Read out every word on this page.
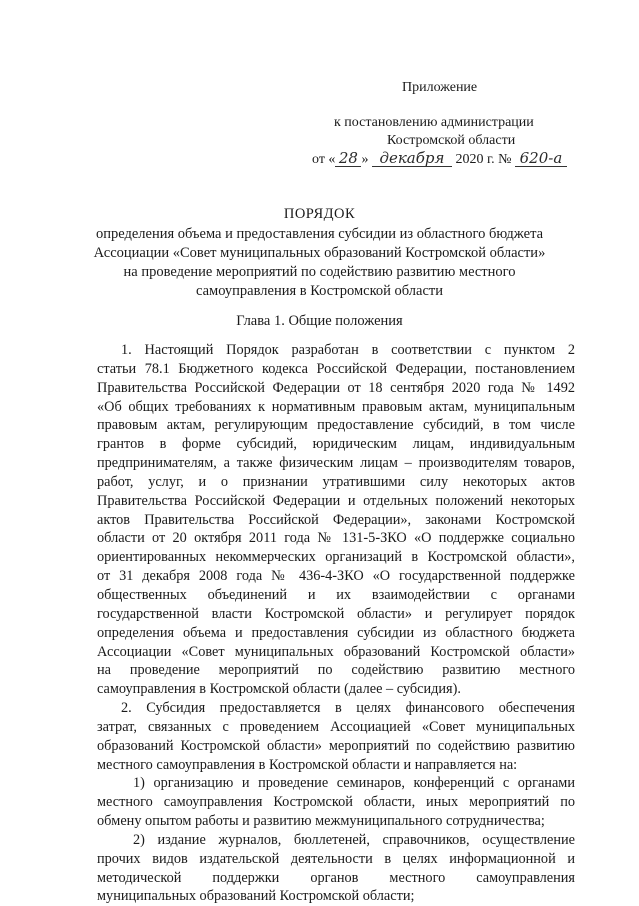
Приложение
к постановлению администрации
Костромской области
от « 28 » декабря 2020 г. № 620-а
ПОРЯДОК
определения объема и предоставления субсидии из областного бюджета
Ассоциации «Совет муниципальных образований Костромской области»
на проведение мероприятий по содействию развитию местного
самоуправления в Костромской области
Глава 1. Общие положения

1. Настоящий Порядок разработан в соответствии с пунктом 2
статьи 78.1 Бюджетного кодекса Российской Федерации, постановлением
Правительства Российской Федерации от 18 сентября 2020 года № 1492
«Об общих требованиях к нормативным правовым актам, муниципальным
правовым актам, регулирующим предоставление субсидий, в том числе
грантов в форме субсидий, юридическим лицам, индивидуальным
предпринимателям, а также физическим лицам – производителям товаров,
работ, услуг, и о признании утратившими силу некоторых актов
Правительства Российской Федерации и отдельных положений некоторых
актов Правительства Российской Федерации», законами Костромской
области от 20 октября 2011 года № 131-5-ЗКО «О поддержке социально
ориентированных некоммерческих организаций в Костромской области»,
от 31 декабря 2008 года № 436-4-ЗКО «О государственной поддержке
общественных объединений и их взаимодействии с органами
государственной власти Костромской области» и регулирует порядок
определения объема и предоставления субсидии из областного бюджета
Ассоциации «Совет муниципальных образований Костромской области»
на проведение мероприятий по содействию развитию местного
самоуправления в Костромской области (далее – субсидия).

2. Субсидия предоставляется в целях финансового обеспечения
затрат, связанных с проведением Ассоциацией «Совет муниципальных
образований Костромской области» мероприятий по содействию развитию
местного самоуправления в Костромской области и направляется на:

1) организацию и проведение семинаров, конференций с органами
местного самоуправления Костромской области, иных мероприятий по
обмену опытом работы и развитию межмуниципального сотрудничества;

2) издание журналов, бюллетеней, справочников, осуществление
прочих видов издательской деятельности в целях информационной и
методической поддержки органов местного самоуправления
муниципальных образований Костромской области;
